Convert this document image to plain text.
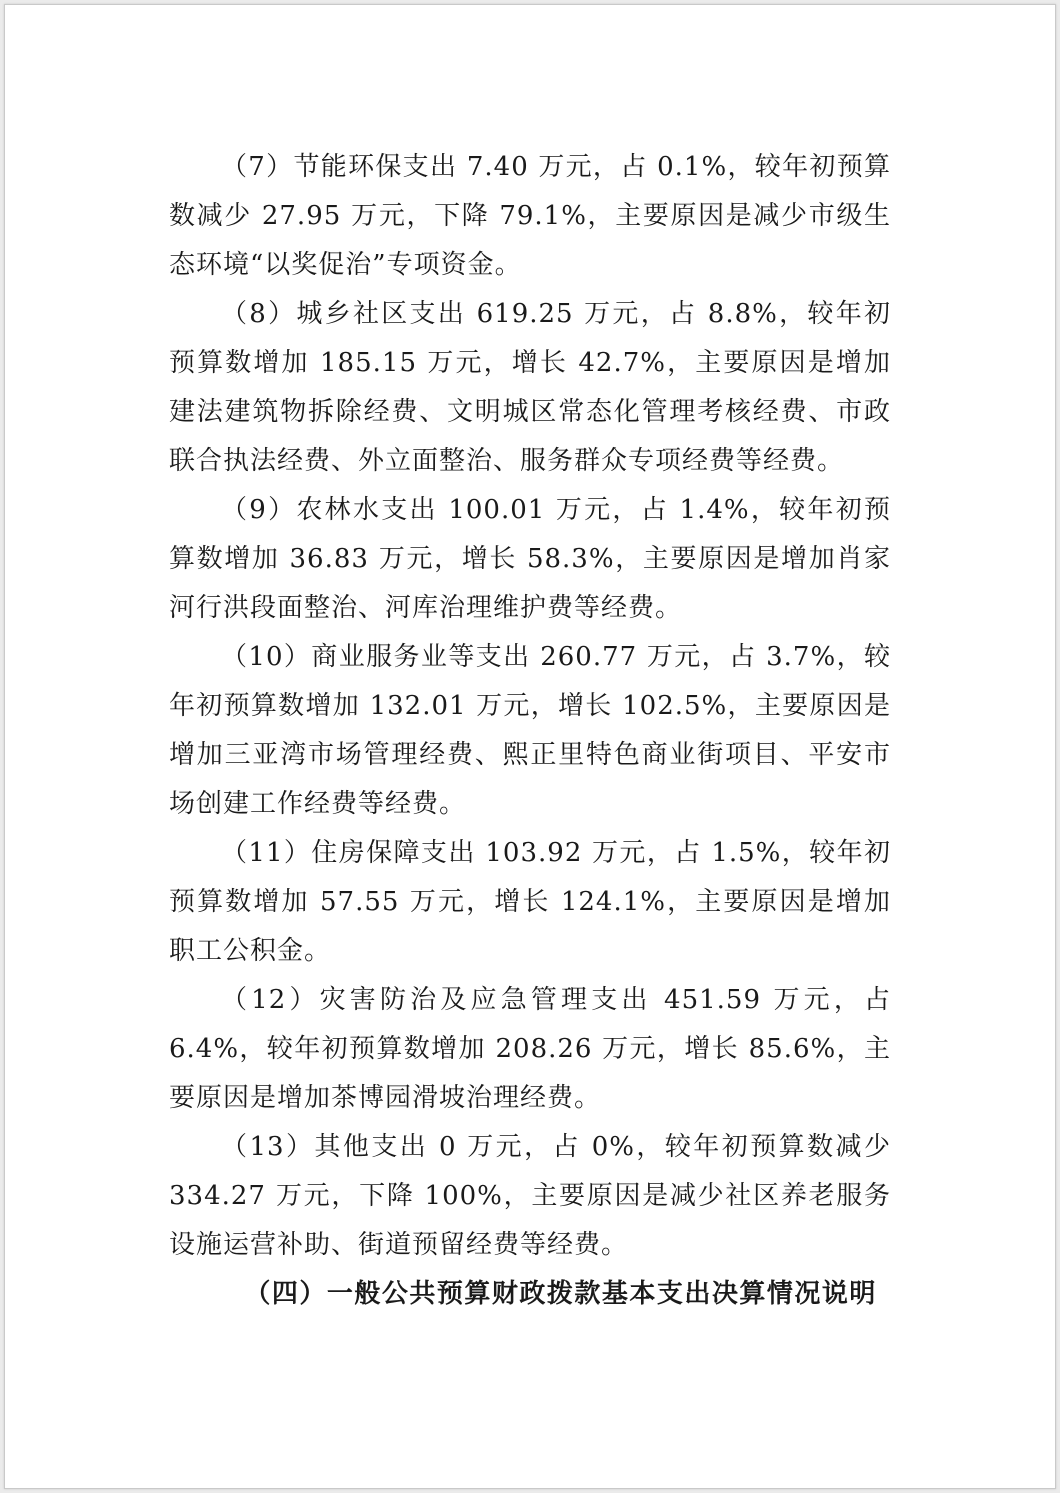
（7）节能环保支出 7.40 万元，占 0.1%，较年初预算数减少 27.95 万元，下降 79.1%，主要原因是减少市级生态环境“以奖促治”专项资金。

（8）城乡社区支出 619.25 万元，占 8.8%，较年初预算数增加 185.15 万元，增长 42.7%，主要原因是增加建法建筑物拆除经费、文明城区常态化管理考核经费、市政联合执法经费、外立面整治、服务群众专项经费等经费。

（9）农林水支出 100.01 万元，占 1.4%，较年初预算数增加 36.83 万元，增长 58.3%，主要原因是增加肖家河行洪段面整治、河库治理维护费等经费。

（10）商业服务业等支出 260.77 万元，占 3.7%，较年初预算数增加 132.01 万元，增长 102.5%，主要原因是增加三亚湾市场管理经费、熙正里特色商业街项目、平安市场创建工作经费等经费。

（11）住房保障支出 103.92 万元，占 1.5%，较年初预算数增加 57.55 万元，增长 124.1%，主要原因是增加职工公积金。

（12）灾害防治及应急管理支出 451.59 万元，占 6.4%，较年初预算数增加 208.26 万元，增长 85.6%，主要原因是增加茶博园滑坡治理经费。

（13）其他支出 0 万元，占 0%，较年初预算数减少 334.27 万元，下降 100%，主要原因是减少社区养老服务设施运营补助、街道预留经费等经费。

（四）一般公共预算财政拨款基本支出决算情况说明
